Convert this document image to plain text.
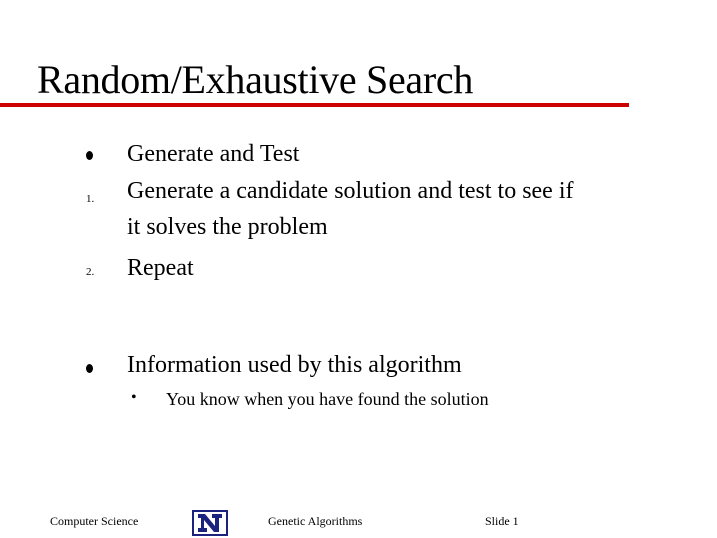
Random/Exhaustive Search
Generate and Test
1. Generate a candidate solution and test to see if
it solves the problem
2. Repeat
Information used by this algorithm
• You know when you have found the solution
Computer Science	Genetic Algorithms	Slide 1
